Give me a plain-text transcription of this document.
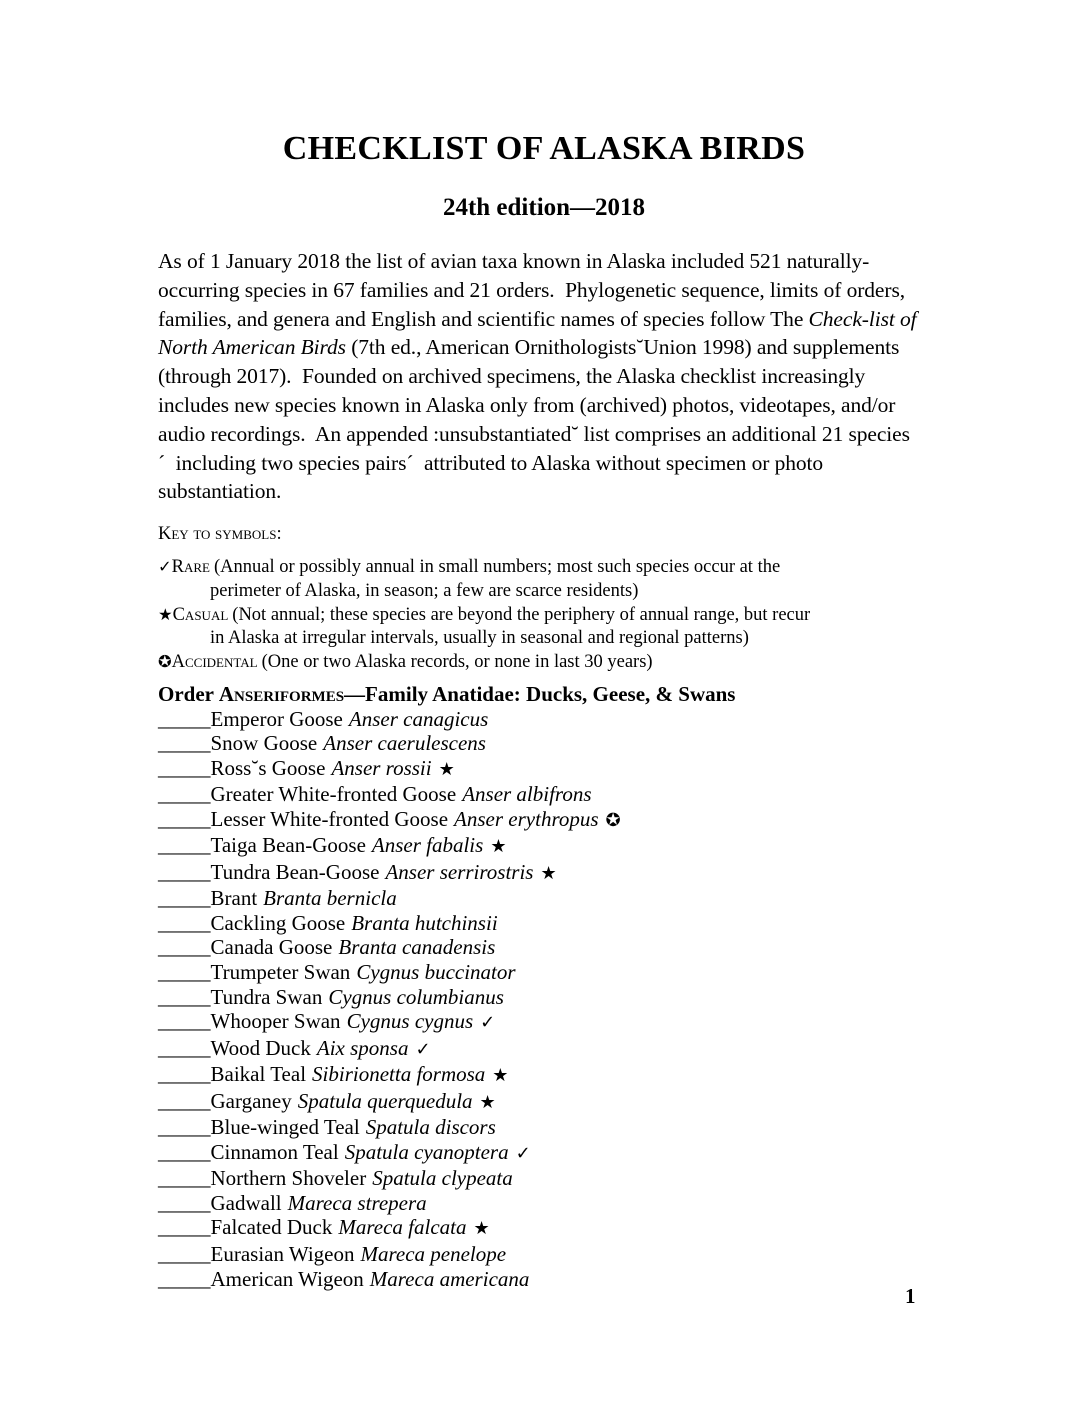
CHECKLIST OF ALASKA BIRDS
24th edition—2018
As of 1 January 2018 the list of avian taxa known in Alaska included 521 naturally-
occurring species in 67 families and 21 orders.  Phylogenetic sequence, limits of orders,
families, and genera and English and scientific names of species follow The Check-list of
North American Birds (7th ed., American Ornithologists˘Union 1998) and supplements
(through 2017).  Founded on archived specimens, the Alaska checklist increasingly
includes new species known in Alaska only from (archived) photos, videotapes, and/or
audio recordings.  An appended :unsubstantiated˘ list comprises an additional 21 species
´  including two species pairs´  attributed to Alaska without specimen or photo
substantiation.
Key to symbols:
✓Rare (Annual or possibly annual in small numbers; most such species occur at the
perimeter of Alaska, in season; a few are scarce residents)
★Casual (Not annual; these species are beyond the periphery of annual range, but recur
in Alaska at irregular intervals, usually in seasonal and regional patterns)
✪Accidental (One or two Alaska records, or none in last 30 years)
Order Anseriformes—Family Anatidae: Ducks, Geese, & Swans
_____Emperor Goose Anser canagicus
_____Snow Goose Anser caerulescens
_____Ross˘s Goose Anser rossii ★
_____Greater White-fronted Goose Anser albifrons
_____Lesser White-fronted Goose Anser erythropus ✪
_____Taiga Bean-Goose Anser fabalis ★
_____Tundra Bean-Goose Anser serrirostris ★
_____Brant Branta bernicla
_____Cackling Goose Branta hutchinsii
_____Canada Goose Branta canadensis
_____Trumpeter Swan Cygnus buccinator
_____Tundra Swan Cygnus columbianus
_____Whooper Swan Cygnus cygnus ✓
_____Wood Duck Aix sponsa ✓
_____Baikal Teal Sibirionetta formosa ★
_____Garganey Spatula querquedula ★
_____Blue-winged Teal Spatula discors
_____Cinnamon Teal Spatula cyanoptera ✓
_____Northern Shoveler Spatula clypeata
_____Gadwall Mareca strepera
_____Falcated Duck Mareca falcata ★
_____Eurasian Wigeon Mareca penelope
_____American Wigeon Mareca americana
1
